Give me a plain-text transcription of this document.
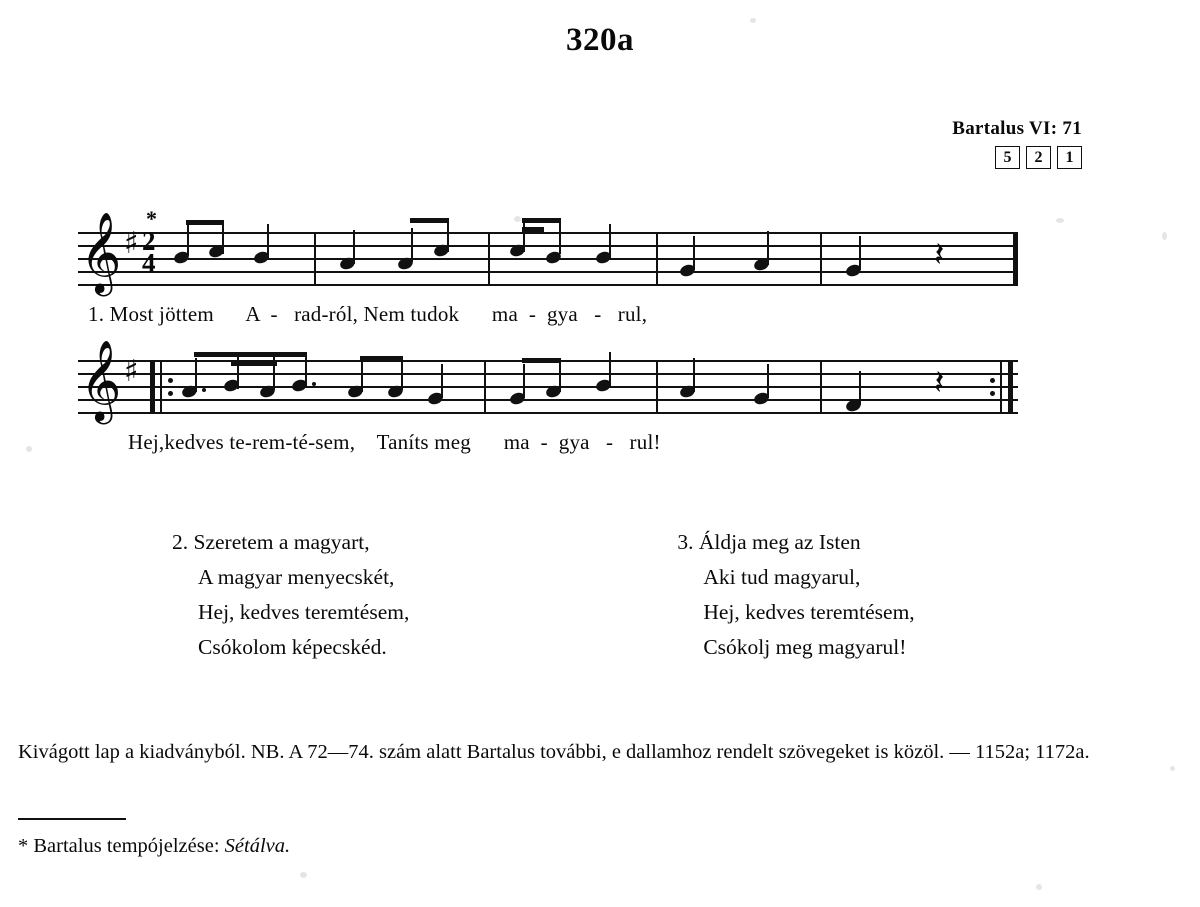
320a
Bartalus VI: 71
5	2	1
*
𝄞 ♯ 2
4	𝄽
1. Most jöttem      A  -   rad-ról, Nem tudok      ma  -  gya   -   rul,
𝄞 ♯	𝄽
Hej,kedves te‑rem-té-sem,    Taníts meg      ma  -  gya   -   rul!
2. Szeretem a magyart,
A magyar menyecskét,
Hej, kedves teremtésem,
Csókolom képecskéd.
3. Áldja meg az Isten
Aki tud magyarul,
Hej, kedves teremtésem,
Csókolj meg magyarul!
Kivágott lap a kiadványból. NB. A 72—74. szám alatt Bartalus további, e dallamhoz rendelt szövegeket is közöl. — 1152a; 1172a.
* Bartalus tempójelzése: Sétálva.
